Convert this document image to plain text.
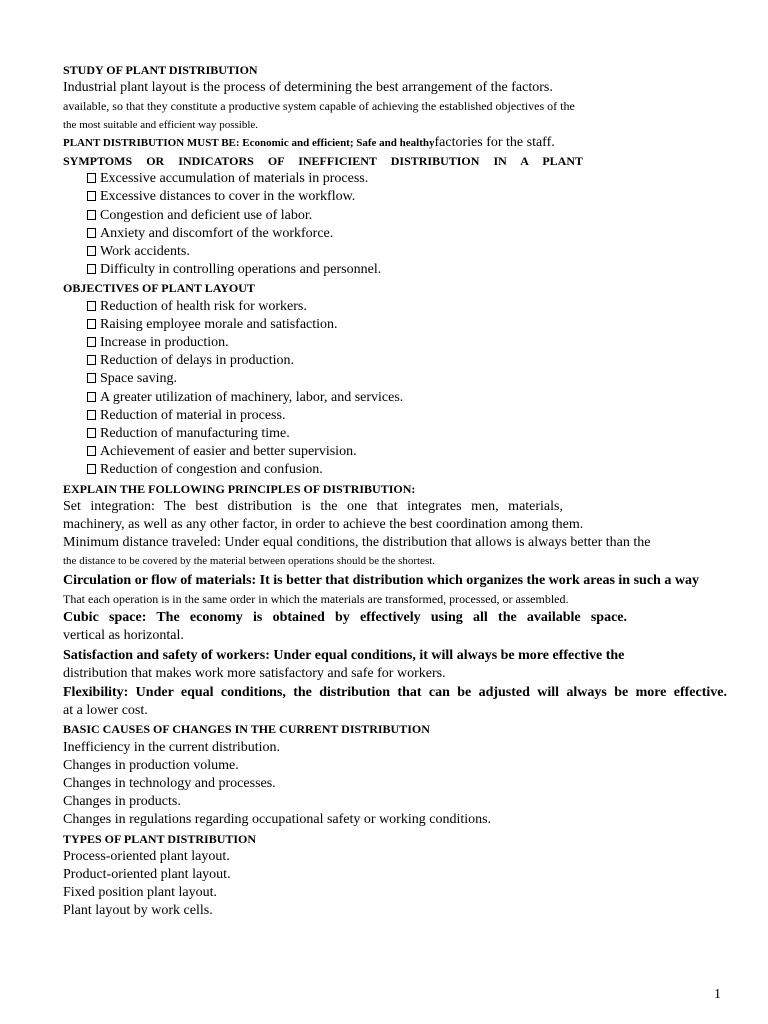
STUDY OF PLANT DISTRIBUTION

Industrial plant layout is the process of determining the best arrangement of the factors.

available, so that they constitute a productive system capable of achieving the established objectives of the

the most suitable and efficient way possible.

PLANT DISTRIBUTION MUST BE: Economic and efficient; Safe and healthyfactories for the staff.

SYMPTOMS OR INDICATORS OF INEFFICIENT DISTRIBUTION IN A PLANT

Excessive accumulation of materials in process.

Excessive distances to cover in the workflow.

Congestion and deficient use of labor.

Anxiety and discomfort of the workforce.

Work accidents.

Difficulty in controlling operations and personnel.

OBJECTIVES OF PLANT LAYOUT

Reduction of health risk for workers.

Raising employee morale and satisfaction.

Increase in production.

Reduction of delays in production.

Space saving.

A greater utilization of machinery, labor, and services.

Reduction of material in process.

Reduction of manufacturing time.

Achievement of easier and better supervision.

Reduction of congestion and confusion.

EXPLAIN THE FOLLOWING PRINCIPLES OF DISTRIBUTION:

Set integration: The best distribution is the one that integrates men, materials,

machinery, as well as any other factor, in order to achieve the best coordination among them.

Minimum distance traveled: Under equal conditions, the distribution that allows is always better than the

the distance to be covered by the material between operations should be the shortest.

Circulation or flow of materials: It is better that distribution which organizes the work areas in such a way

That each operation is in the same order in which the materials are transformed, processed, or assembled.

Cubic space: The economy is obtained by effectively using all the available space.

vertical as horizontal.

Satisfaction and safety of workers: Under equal conditions, it will always be more effective the

distribution that makes work more satisfactory and safe for workers.

Flexibility: Under equal conditions, the distribution that can be adjusted will always be more effective.

at a lower cost.

BASIC CAUSES OF CHANGES IN THE CURRENT DISTRIBUTION

Inefficiency in the current distribution.

Changes in production volume.

Changes in technology and processes.

Changes in products.

Changes in regulations regarding occupational safety or working conditions.

TYPES OF PLANT DISTRIBUTION

Process-oriented plant layout.

Product-oriented plant layout.

Fixed position plant layout.

Plant layout by work cells.

1
